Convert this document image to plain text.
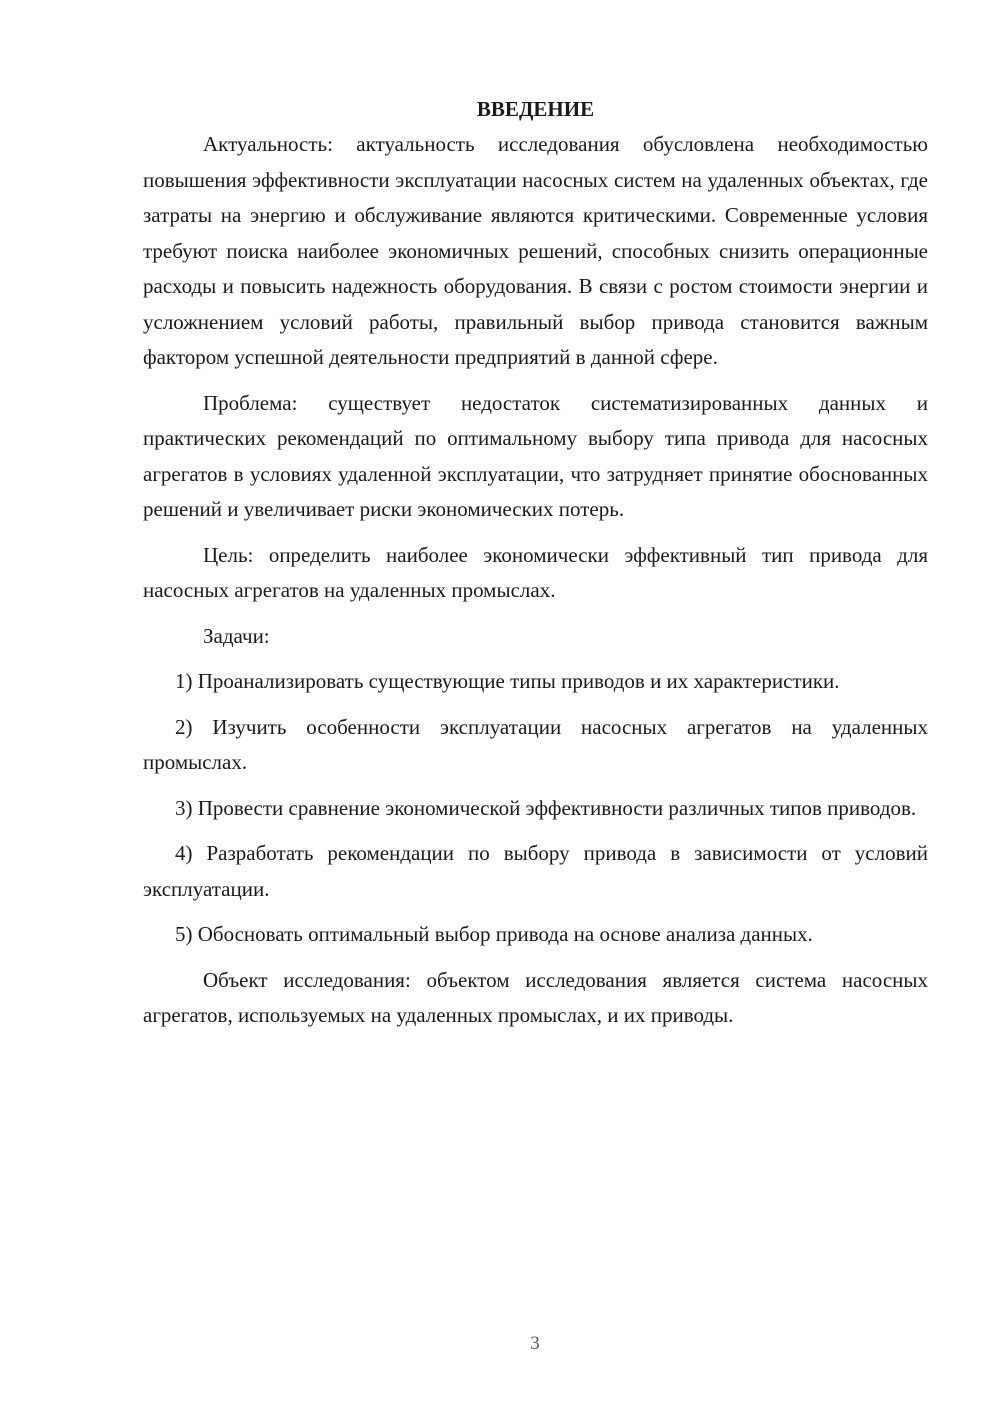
ВВЕДЕНИЕ

Актуальность: актуальность исследования обусловлена необходимостью повышения эффективности эксплуатации насосных систем на удаленных объектах, где затраты на энергию и обслуживание являются критическими. Современные условия требуют поиска наиболее экономичных решений, способных снизить операционные расходы и повысить надежность оборудования. В связи с ростом стоимости энергии и усложнением условий работы, правильный выбор привода становится важным фактором успешной деятельности предприятий в данной сфере.

Проблема: существует недостаток систематизированных данных и практических рекомендаций по оптимальному выбору типа привода для насосных агрегатов в условиях удаленной эксплуатации, что затрудняет принятие обоснованных решений и увеличивает риски экономических потерь.

Цель: определить наиболее экономически эффективный тип привода для насосных агрегатов на удаленных промыслах.

Задачи:

1) Проанализировать существующие типы приводов и их характеристики.

2) Изучить особенности эксплуатации насосных агрегатов на удаленных промыслах.

3) Провести сравнение экономической эффективности различных типов приводов.

4) Разработать рекомендации по выбору привода в зависимости от условий эксплуатации.

5) Обосновать оптимальный выбор привода на основе анализа данных.

Объект исследования: объектом исследования является система насосных агрегатов, используемых на удаленных промыслах, и их приводы.

3
